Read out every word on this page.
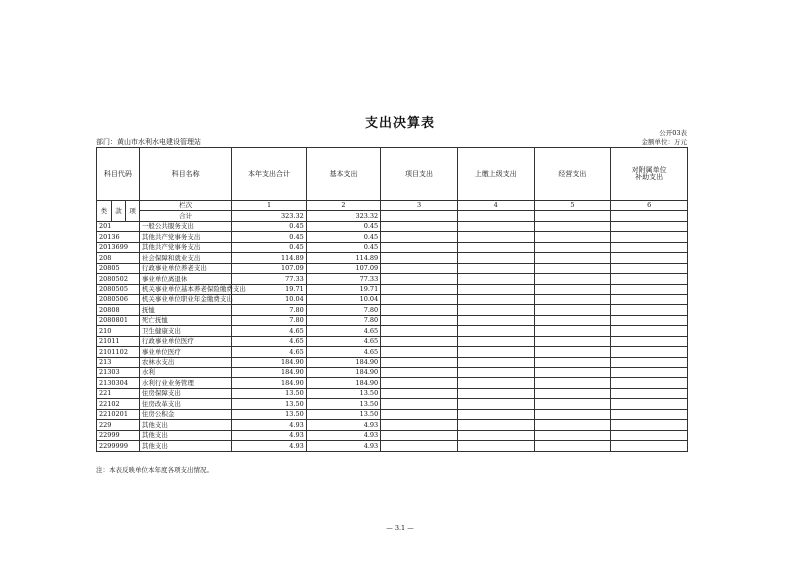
支出决算表
公开03表
部门：黄山市水利水电建设管理站	金额单位：万元
科目代码			科目名称	本年支出合计	基本支出	项目支出	上缴上级支出	经营支出	对附属单位
补助支出
类	款	项	栏次	1	2	3	4	5	6
			合计	323.32	323.32				
201			一般公共服务支出	0.45	0.45				
20136			其他共产党事务支出	0.45	0.45				
2013699			其他共产党事务支出	0.45	0.45				
208			社会保障和就业支出	114.89	114.89				
20805			行政事业单位养老支出	107.09	107.09				
2080502			事业单位离退休	77.33	77.33				
2080505			机关事业单位基本养老保险缴费支出	19.71	19.71				
2080506			机关事业单位职业年金缴费支出	10.04	10.04				
20808			抚恤	7.80	7.80				
2080801			死亡抚恤	7.80	7.80				
210			卫生健康支出	4.65	4.65				
21011			行政事业单位医疗	4.65	4.65				
2101102			事业单位医疗	4.65	4.65				
213			农林水支出	184.90	184.90				
21303			水利	184.90	184.90				
2130304			水利行业业务管理	184.90	184.90				
221			住房保障支出	13.50	13.50				
22102			住房改革支出	13.50	13.50				
2210201			住房公积金	13.50	13.50				
229			其他支出	4.93	4.93				
22999			其他支出	4.93	4.93				
2299999			其他支出	4.93	4.93				
注：本表反映单位本年度各项支出情况。
— 3.1 —
